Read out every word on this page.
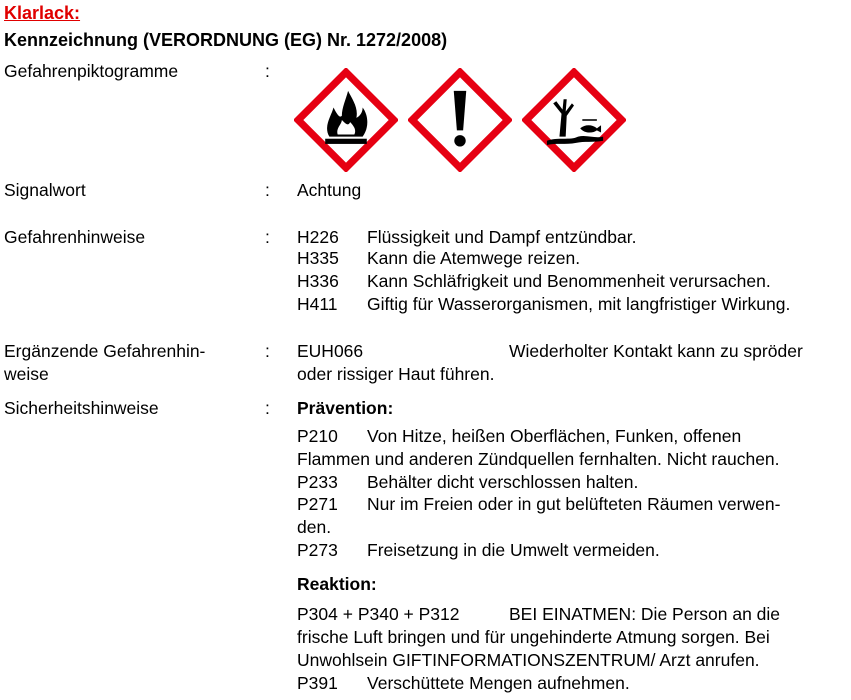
Klarlack:
Kennzeichnung (VERORDNUNG (EG) Nr. 1272/2008)
Gefahrenpiktogramme	:
Signalwort	: Achtung
Gefahrenhinweise	: H226 Flüssigkeit und Dampf entzündbar.
H335 Kann die Atemwege reizen.
H336 Kann Schläfrigkeit und Benommenheit verursachen.
H411 Giftig für Wasserorganismen, mit langfristiger Wirkung.
Ergänzende Gefahrenhin-
weise
: EUH066	Wiederholter Kontakt kann zu spröder
oder rissiger Haut führen.
Sicherheitshinweise	: Prävention:
P210 Von Hitze, heißen Oberflächen, Funken, offenen
Flammen und anderen Zündquellen fernhalten. Nicht rauchen.
P233 Behälter dicht verschlossen halten.
P271 Nur im Freien oder in gut belüfteten Räumen verwen-
den.
P273 Freisetzung in die Umwelt vermeiden.
Reaktion:
P304 + P340 + P312	BEI EINATMEN: Die Person an die
frische Luft bringen und für ungehinderte Atmung sorgen. Bei
Unwohlsein GIFTINFORMATIONSZENTRUM/ Arzt anrufen.
P391 Verschüttete Mengen aufnehmen.
